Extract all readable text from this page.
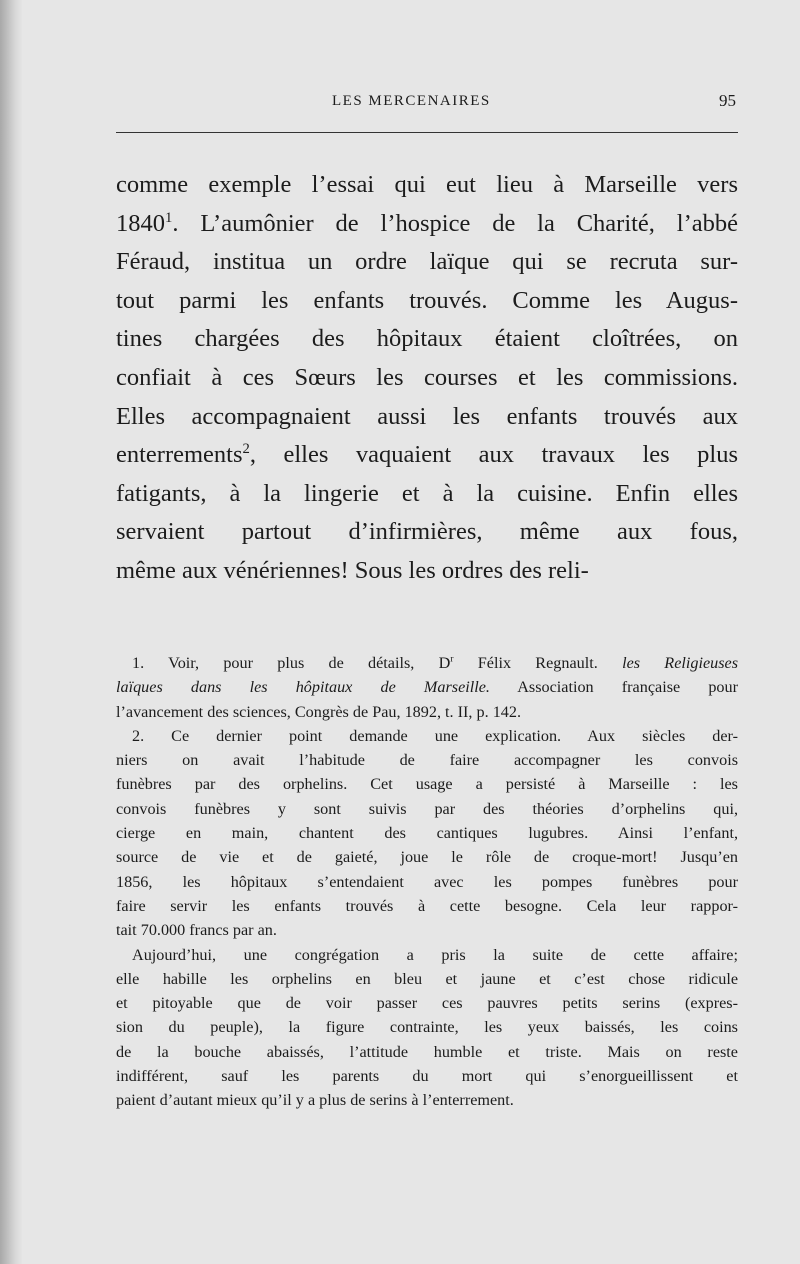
LES MERCENAIRES	95
comme exemple l’essai qui eut lieu à Marseille vers
1840$^1$. L’aumônier de l’hospice de la Charité, l’abbé
Féraud, institua un ordre laïque qui se recruta sur-
tout parmi les enfants trouvés. Comme les Augus-
tines chargées des hôpitaux étaient cloîtrées, on
confiait à ces Sœurs les courses et les commissions.
Elles accompagnaient aussi les enfants trouvés aux
enterrements$^2$, elles vaquaient aux travaux les plus
fatigants, à la lingerie et à la cuisine. Enfin elles
servaient partout d’infirmières, même aux fous,
même aux vénériennes! Sous les ordres des reli-
1. Voir, pour plus de détails, $D^r$ Félix Regnault. les Religieuses
laïques dans les hôpitaux de Marseille. Association française pour
l’avancement des sciences, Congrès de Pau, 1892, t. II, p. 142.
2. Ce dernier point demande une explication. Aux siècles der-
niers on avait l’habitude de faire accompagner les convois
funèbres par des orphelins. Cet usage a persisté à Marseille : les
convois funèbres y sont suivis par des théories d’orphelins qui,
cierge en main, chantent des cantiques lugubres. Ainsi l’enfant,
source de vie et de gaieté, joue le rôle de croque-mort! Jusqu’en
1856, les hôpitaux s’entendaient avec les pompes funèbres pour
faire servir les enfants trouvés à cette besogne. Cela leur rappor-
tait 70.000 francs par an.
Aujourd’hui, une congrégation a pris la suite de cette affaire;
elle habille les orphelins en bleu et jaune et c’est chose ridicule
et pitoyable que de voir passer ces pauvres petits serins (expres-
sion du peuple), la figure contrainte, les yeux baissés, les coins
de la bouche abaissés, l’attitude humble et triste. Mais on reste
indifférent, sauf les parents du mort qui s’enorgueillissent et
paient d’autant mieux qu’il y a plus de serins à l’enterrement.
